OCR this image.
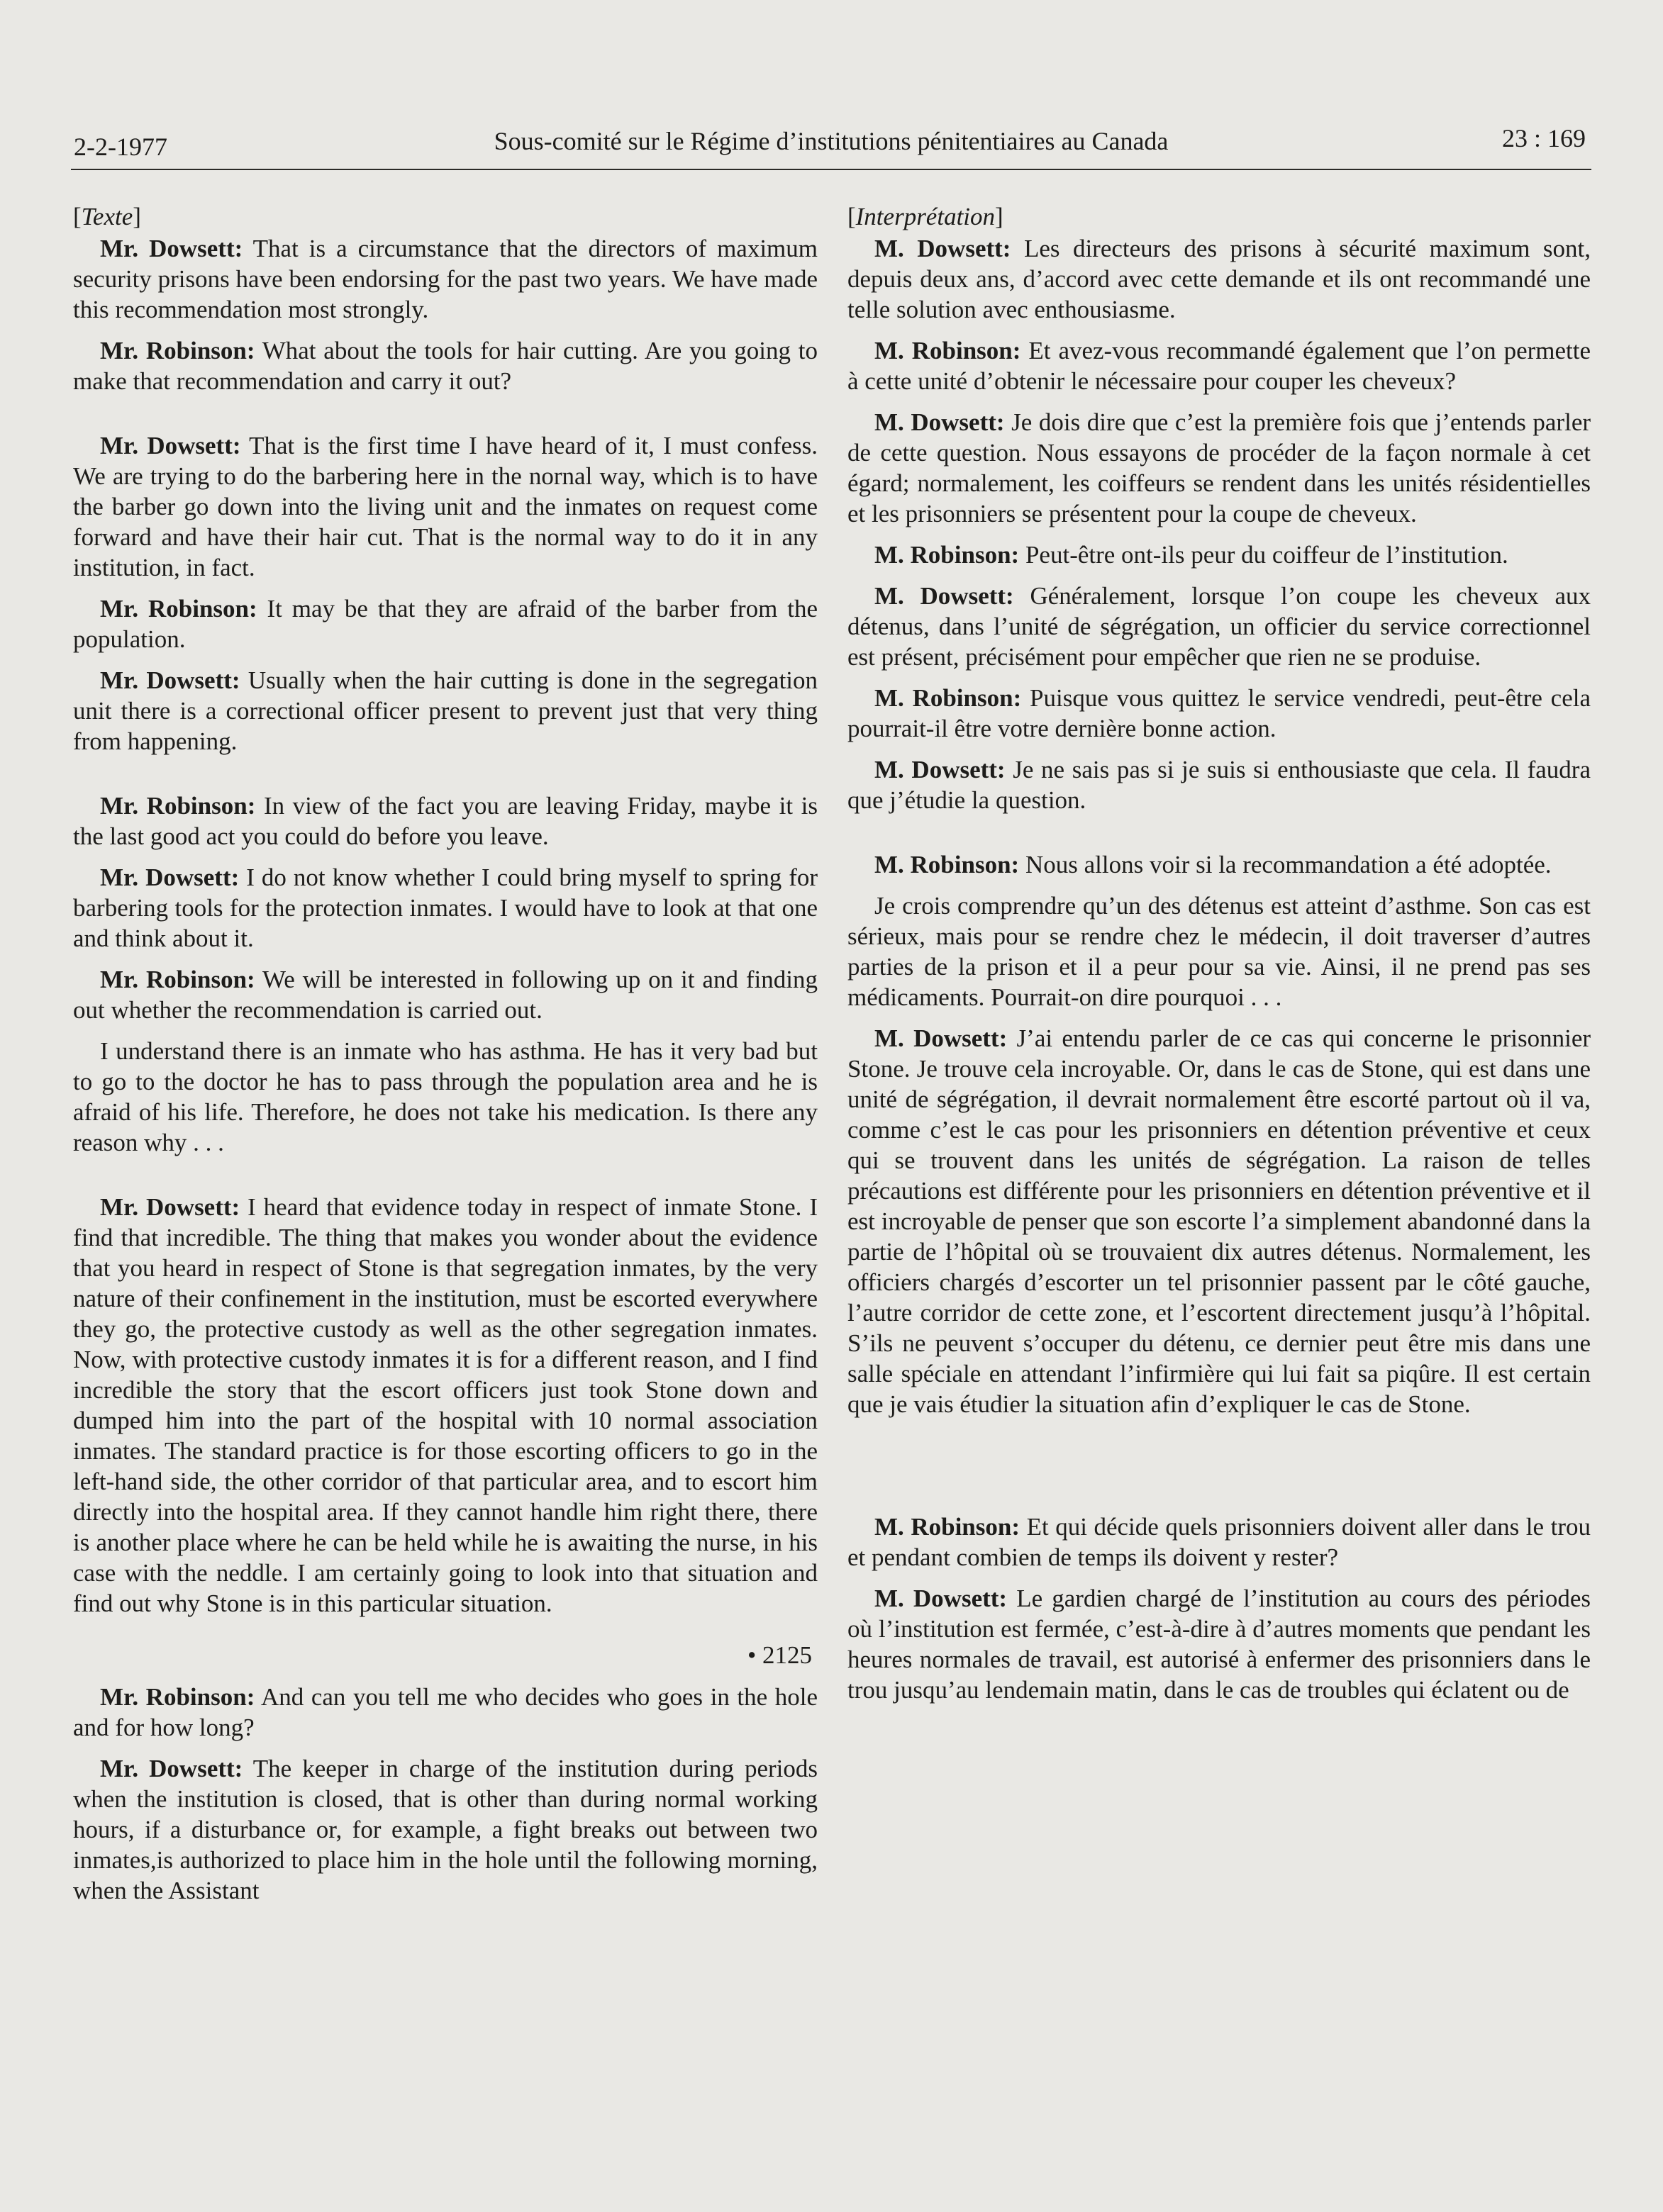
2-2-1977	Sous-comité sur le Régime d’institutions pénitentiaires au Canada	23 : 169
[Texte]

Mr. Dowsett: That is a circumstance that the directors of maximum security prisons have been endorsing for the past two years. We have made this recommendation most strongly.

Mr. Robinson: What about the tools for hair cutting. Are you going to make that recommendation and carry it out?

Mr. Dowsett: That is the first time I have heard of it, I must confess. We are trying to do the barbering here in the nornal way, which is to have the barber go down into the living unit and the inmates on request come forward and have their hair cut. That is the normal way to do it in any institution, in fact.

Mr. Robinson: It may be that they are afraid of the barber from the population.

Mr. Dowsett: Usually when the hair cutting is done in the segregation unit there is a correctional officer present to prevent just that very thing from happening.

Mr. Robinson: In view of the fact you are leaving Friday, maybe it is the last good act you could do before you leave.

Mr. Dowsett: I do not know whether I could bring myself to spring for barbering tools for the protection inmates. I would have to look at that one and think about it.

Mr. Robinson: We will be interested in following up on it and finding out whether the recommendation is carried out.

I understand there is an inmate who has asthma. He has it very bad but to go to the doctor he has to pass through the population area and he is afraid of his life. Therefore, he does not take his medication. Is there any reason why . . .

Mr. Dowsett: I heard that evidence today in respect of inmate Stone. I find that incredible. The thing that makes you wonder about the evidence that you heard in respect of Stone is that segregation inmates, by the very nature of their confinement in the institution, must be escorted everywhere they go, the protective custody as well as the other segregation inmates. Now, with protective custody inmates it is for a different reason, and I find incredible the story that the escort officers just took Stone down and dumped him into the part of the hospital with 10 normal association inmates. The standard practice is for those escorting officers to go in the left-hand side, the other corridor of that particular area, and to escort him directly into the hospital area. If they cannot handle him right there, there is another place where he can be held while he is awaiting the nurse, in his case with the neddle. I am certainly going to look into that situation and find out why Stone is in this particular situation.

• 2125

Mr. Robinson: And can you tell me who decides who goes in the hole and for how long?

Mr. Dowsett: The keeper in charge of the institution during periods when the institution is closed, that is other than during normal working hours, if a disturbance or, for example, a fight breaks out between two inmates,is authorized to place him in the hole until the following morning, when the Assistant

[Interprétation]

M. Dowsett: Les directeurs des prisons à sécurité maximum sont, depuis deux ans, d’accord avec cette demande et ils ont recommandé une telle solution avec enthousiasme.

M. Robinson: Et avez-vous recommandé également que l’on permette à cette unité d’obtenir le nécessaire pour couper les cheveux?

M. Dowsett: Je dois dire que c’est la première fois que j’entends parler de cette question. Nous essayons de procéder de la façon normale à cet égard; normalement, les coiffeurs se rendent dans les unités résidentielles et les prisonniers se présentent pour la coupe de cheveux.

M. Robinson: Peut-être ont-ils peur du coiffeur de l’institution.

M. Dowsett: Généralement, lorsque l’on coupe les cheveux aux détenus, dans l’unité de ségrégation, un officier du service correctionnel est présent, précisément pour empêcher que rien ne se produise.

M. Robinson: Puisque vous quittez le service vendredi, peut-être cela pourrait-il être votre dernière bonne action.

M. Dowsett: Je ne sais pas si je suis si enthousiaste que cela. Il faudra que j’étudie la question.

M. Robinson: Nous allons voir si la recommandation a été adoptée.

Je crois comprendre qu’un des détenus est atteint d’asthme. Son cas est sérieux, mais pour se rendre chez le médecin, il doit traverser d’autres parties de la prison et il a peur pour sa vie. Ainsi, il ne prend pas ses médicaments. Pourrait-on dire pourquoi . . .

M. Dowsett: J’ai entendu parler de ce cas qui concerne le prisonnier Stone. Je trouve cela incroyable. Or, dans le cas de Stone, qui est dans une unité de ségrégation, il devrait normalement être escorté partout où il va, comme c’est le cas pour les prisonniers en détention préventive et ceux qui se trouvent dans les unités de ségrégation. La raison de telles précautions est différente pour les prisonniers en détention préventive et il est incroyable de penser que son escorte l’a simplement abandonné dans la partie de l’hôpital où se trouvaient dix autres détenus. Normalement, les officiers chargés d’escorter un tel prisonnier passent par le côté gauche, l’autre corridor de cette zone, et l’escortent directement jusqu’à l’hôpital. S’ils ne peuvent s’occuper du détenu, ce dernier peut être mis dans une salle spéciale en attendant l’infirmière qui lui fait sa piqûre. Il est certain que je vais étudier la situation afin d’expliquer le cas de Stone.

M. Robinson: Et qui décide quels prisonniers doivent aller dans le trou et pendant combien de temps ils doivent y rester?

M. Dowsett: Le gardien chargé de l’institution au cours des périodes où l’institution est fermée, c’est-à-dire à d’autres moments que pendant les heures normales de travail, est autorisé à enfermer des prisonniers dans le trou jusqu’au lendemain matin, dans le cas de troubles qui éclatent ou de
